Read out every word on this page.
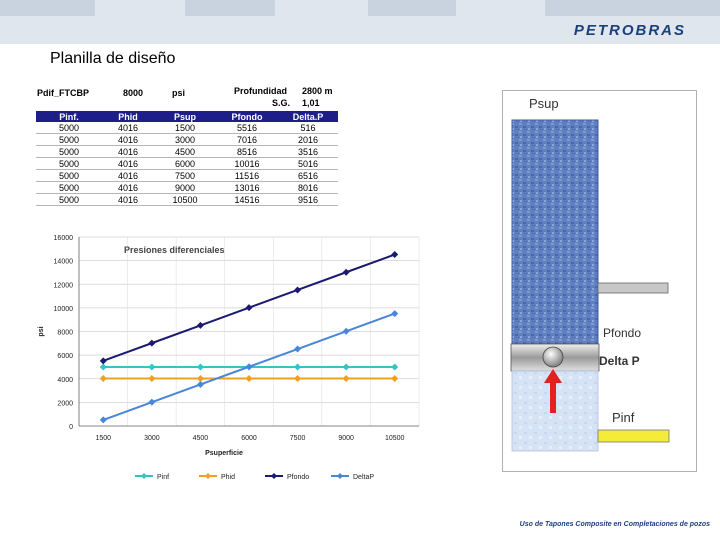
PETROBRAS
Planilla de diseño
Pdif_FTCBP	8000	psi	Profundidad 2800 m
S.G. 1,01
Pinf.	Phid	Psup	Pfondo	Delta.P
5000	4016	1500	5516	516
5000	4016	3000	7016	2016
5000	4016	4500	8516	3516
5000	4016	6000	10016	5016
5000	4016	7500	11516	6516
5000	4016	9000	13016	8016
5000	4016	10500	14516	9516
0
2000
4000
6000
8000
10000
12000
14000
16000
1500	3000	4500	6000	7500	9000	10500
Presiones diferenciales
Psuperficie
psi
Pinf	Phid	Pfondo	DeltaP
Psup
Pfondo
Delta P
Pinf
Uso de Tapones Composite en Completaciones de pozos
